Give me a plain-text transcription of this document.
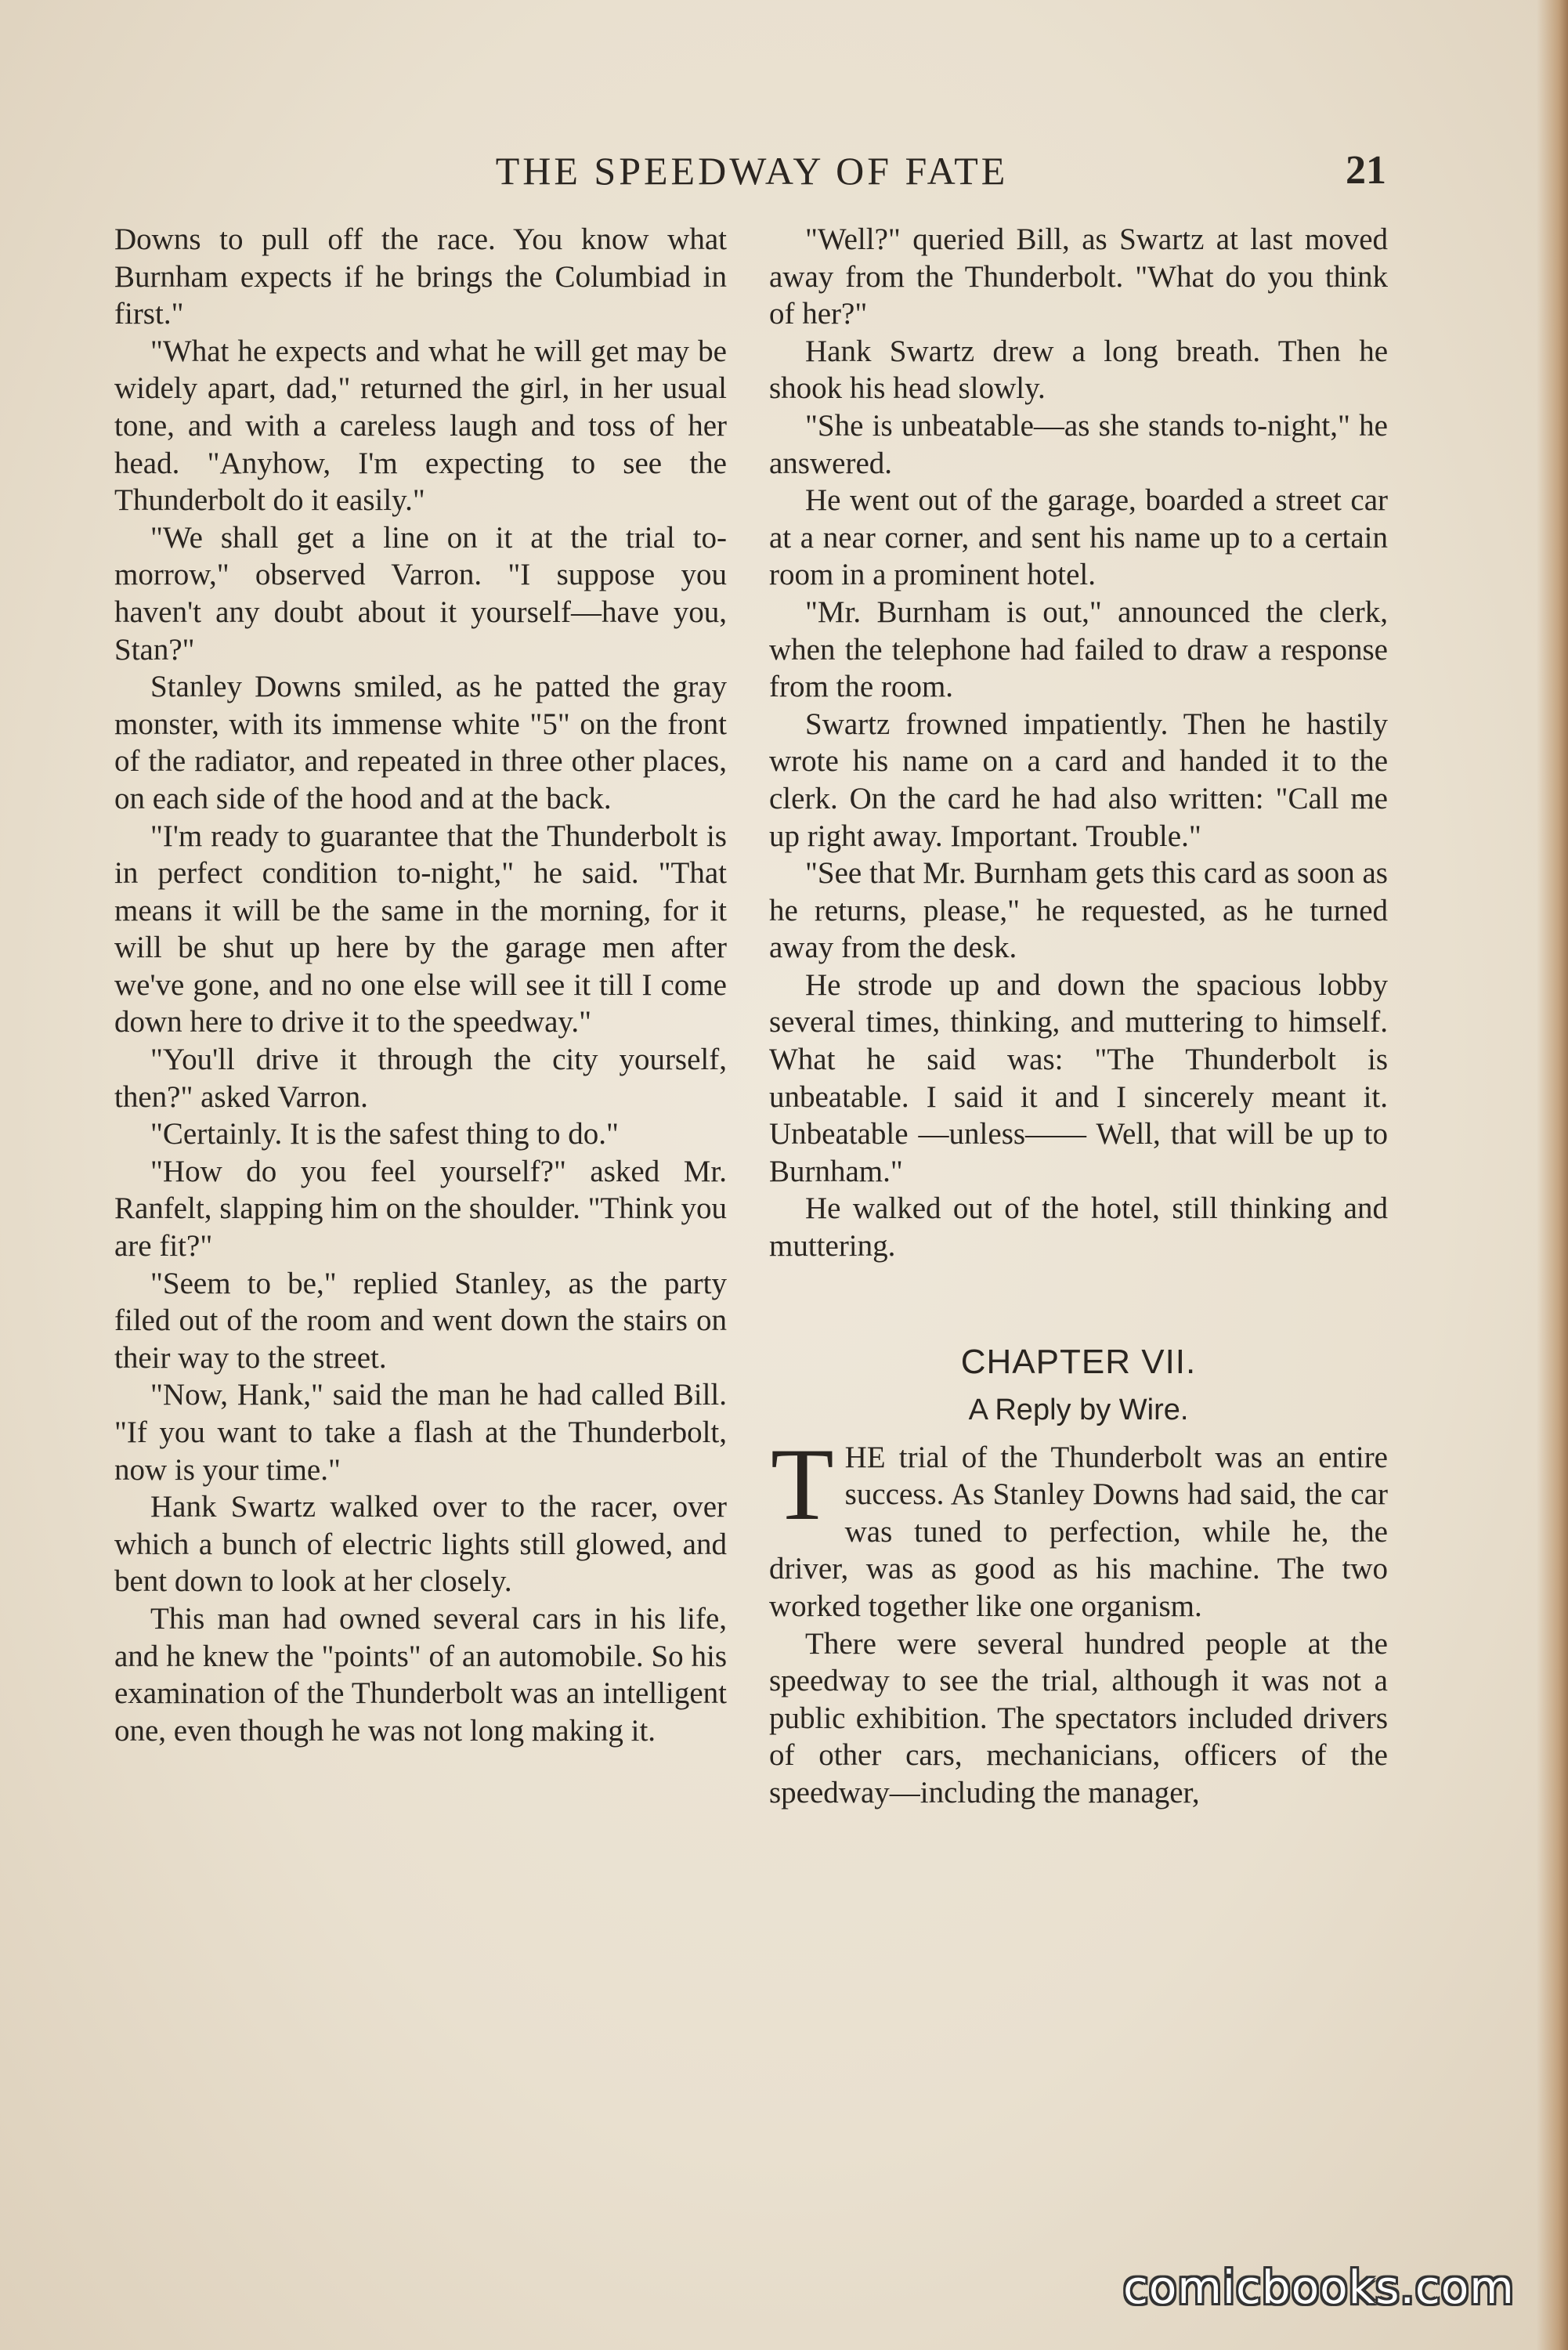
THE SPEEDWAY OF FATE	21

Downs to pull off the race. You know what Burnham expects if he brings the Columbiad in first."

"What he expects and what he will get may be widely apart, dad," returned the girl, in her usual tone, and with a careless laugh and toss of her head. "Anyhow, I'm expecting to see the Thunderbolt do it easily."

"We shall get a line on it at the trial to-morrow," observed Varron. "I suppose you haven't any doubt about it yourself—have you, Stan?"

Stanley Downs smiled, as he patted the gray monster, with its immense white "5" on the front of the radiator, and repeated in three other places, on each side of the hood and at the back.

"I'm ready to guarantee that the Thunderbolt is in perfect condition to-night," he said. "That means it will be the same in the morning, for it will be shut up here by the garage men after we've gone, and no one else will see it till I come down here to drive it to the speedway."

"You'll drive it through the city yourself, then?" asked Varron.

"Certainly. It is the safest thing to do."

"How do you feel yourself?" asked Mr. Ranfelt, slapping him on the shoulder. "Think you are fit?"

"Seem to be," replied Stanley, as the party filed out of the room and went down the stairs on their way to the street.

"Now, Hank," said the man he had called Bill. "If you want to take a flash at the Thunderbolt, now is your time."

Hank Swartz walked over to the racer, over which a bunch of electric lights still glowed, and bent down to look at her closely.

This man had owned several cars in his life, and he knew the "points" of an automobile. So his examination of the Thunderbolt was an intelligent one, even though he was not long making it.

"Well?" queried Bill, as Swartz at last moved away from the Thunderbolt. "What do you think of her?"

Hank Swartz drew a long breath. Then he shook his head slowly.

"She is unbeatable—as she stands to-night," he answered.

He went out of the garage, boarded a street car at a near corner, and sent his name up to a certain room in a prominent hotel.

"Mr. Burnham is out," announced the clerk, when the telephone had failed to draw a response from the room.

Swartz frowned impatiently. Then he hastily wrote his name on a card and handed it to the clerk. On the card he had also written: "Call me up right away. Important. Trouble."

"See that Mr. Burnham gets this card as soon as he returns, please," he requested, as he turned away from the desk.

He strode up and down the spacious lobby several times, thinking, and muttering to himself. What he said was: "The Thunderbolt is unbeatable. I said it and I sincerely meant it. Unbeatable —unless—— Well, that will be up to Burnham."

He walked out of the hotel, still thinking and muttering.

CHAPTER VII.
A Reply by Wire.

THE trial of the Thunderbolt was an entire success. As Stanley Downs had said, the car was tuned to perfection, while he, the driver, was as good as his machine. The two worked together like one organism.

There were several hundred people at the speedway to see the trial, although it was not a public exhibition. The spectators included drivers of other cars, mechanicians, officers of the speedway—including the manager,

comicbooks.com
